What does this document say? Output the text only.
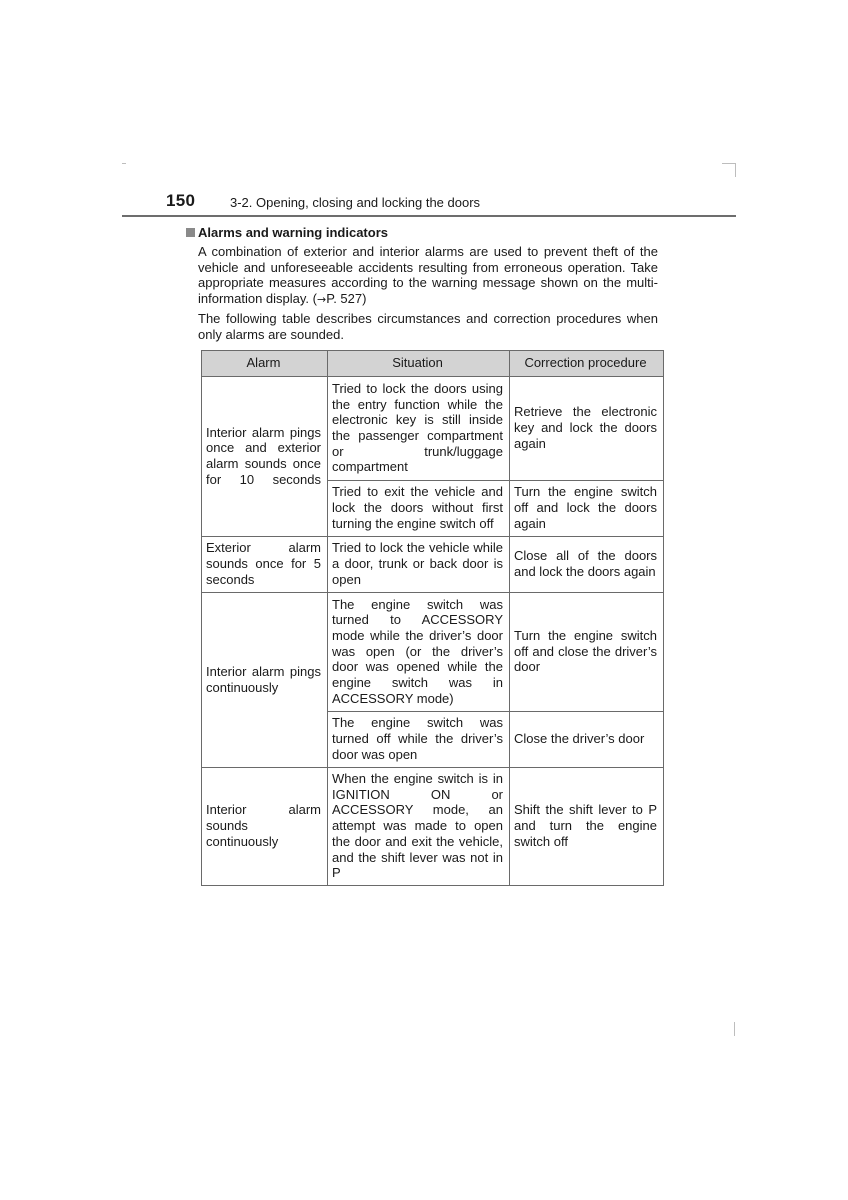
150	3-2. Opening, closing and locking the doors
Alarms and warning indicators

A combination of exterior and interior alarms are used to prevent theft of the vehicle and unforeseeable accidents resulting from erroneous operation. Take appropriate measures according to the warning message shown on the multi-information display. (→P. 527)

The following table describes circumstances and correction procedures when only alarms are sounded.

Alarm	Situation	Correction procedure
Interior alarm pings once and exterior alarm sounds once for 10 seconds	Tried to lock the doors using the entry function while the electronic key is still inside the passenger compartment or trunk/luggage compartment	Retrieve the electronic key and lock the doors again
	Tried to exit the vehicle and lock the doors without first turning the engine switch off	Turn the engine switch off and lock the doors again
Exterior alarm sounds once for 5 seconds	Tried to lock the vehicle while a door, trunk or back door is open	Close all of the doors and lock the doors again
Interior alarm pings continuously	The engine switch was turned to ACCESSORY mode while the driver’s door was open (or the driver’s door was opened while the engine switch was in ACCESSORY mode)	Turn the engine switch off and close the driver’s door
	The engine switch was turned off while the driver’s door was open	Close the driver’s door
Interior alarm sounds continuously	When the engine switch is in IGNITION ON or ACCESSORY mode, an attempt was made to open the door and exit the vehicle, and the shift lever was not in P	Shift the shift lever to P and turn the engine switch off
